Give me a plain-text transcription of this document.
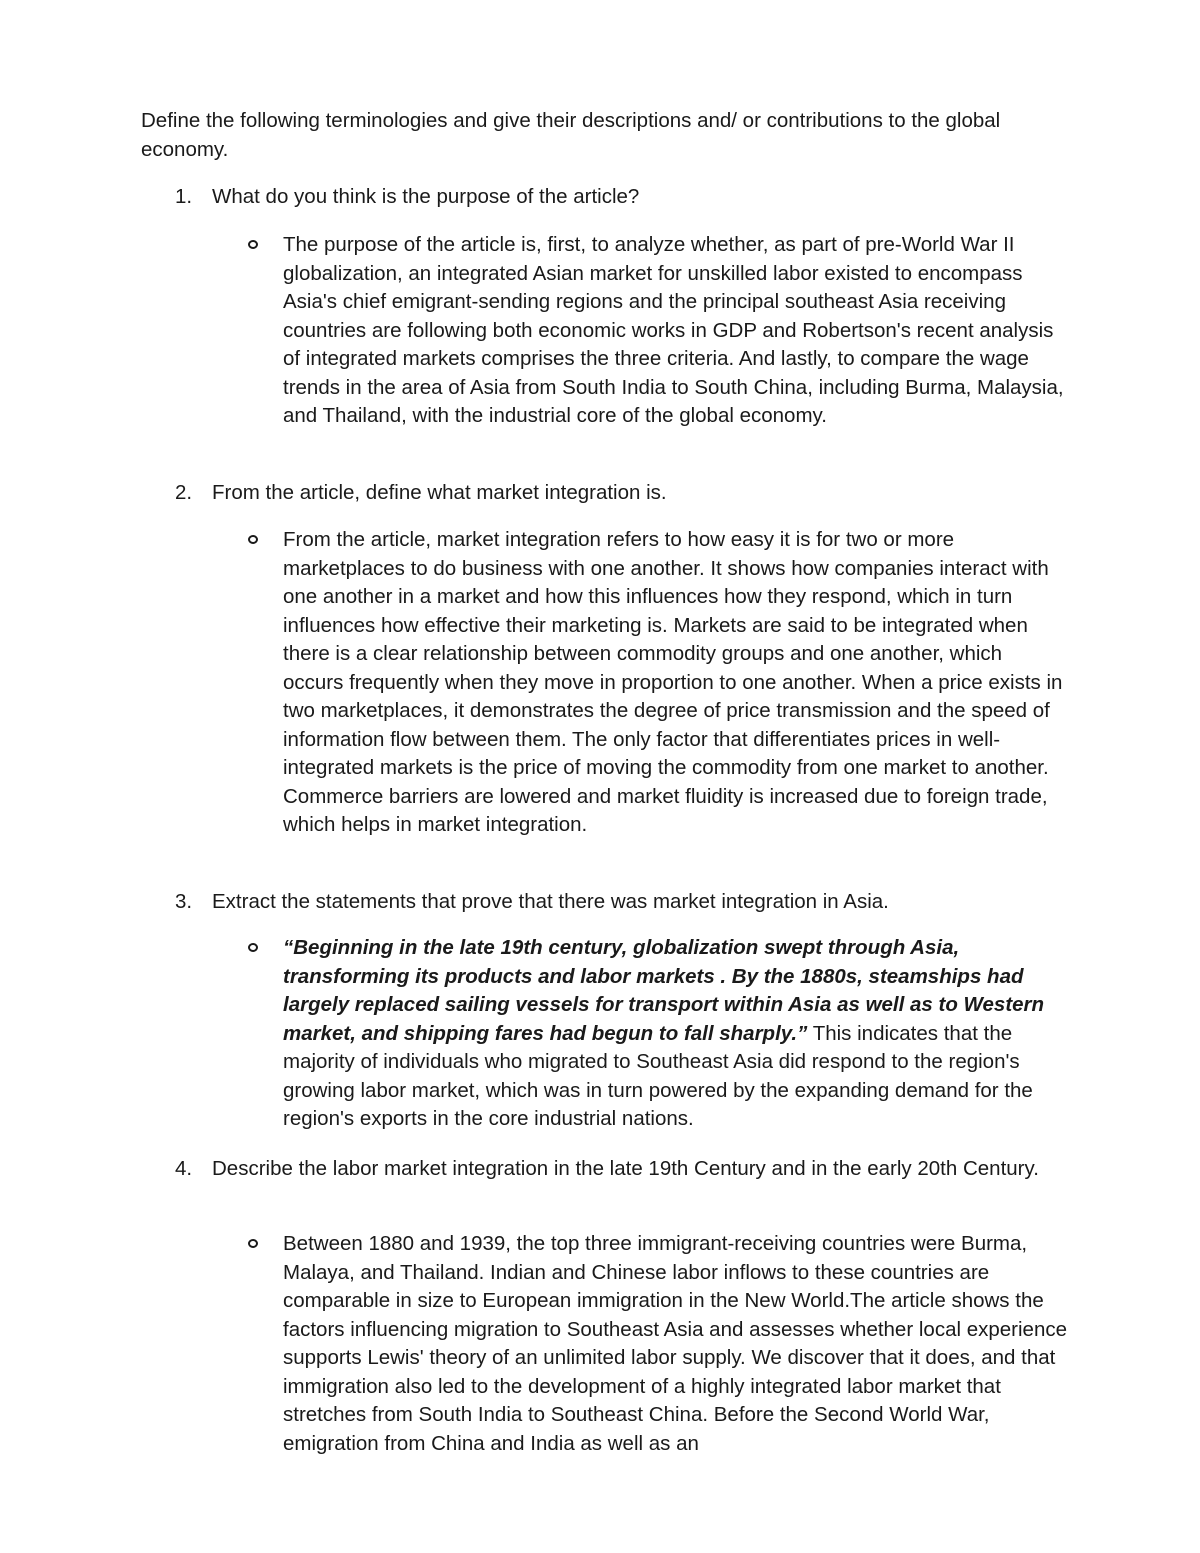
Define the following terminologies and give their descriptions and/ or contributions to the global economy.

1. What do you think is the purpose of the article?
The purpose of the article is, first, to analyze whether, as part of pre-World War II globalization, an integrated Asian market for unskilled labor existed to encompass Asia's chief emigrant-sending regions and the principal southeast Asia receiving countries are following both economic works in GDP and Robertson's recent analysis of integrated markets comprises the three criteria. And lastly, to compare the wage trends in the area of Asia from South India to South China, including Burma, Malaysia, and Thailand, with the industrial core of the global economy.
2. From the article, define what market integration is.
From the article, market integration refers to how easy it is for two or more marketplaces to do business with one another. It shows how companies interact with one another in a market and how this influences how they respond, which in turn influences how effective their marketing is. Markets are said to be integrated when there is a clear relationship between commodity groups and one another, which occurs frequently when they move in proportion to one another. When a price exists in two marketplaces, it demonstrates the degree of price transmission and the speed of information flow between them. The only factor that differentiates prices in well-integrated markets is the price of moving the commodity from one market to another. Commerce barriers are lowered and market fluidity is increased due to foreign trade, which helps in market integration.
3. Extract the statements that prove that there was market integration in Asia.
“Beginning in the late 19th century, globalization swept through Asia, transforming its products and labor markets . By the 1880s, steamships had largely replaced sailing vessels for transport within Asia as well as to Western market, and shipping fares had begun to fall sharply.” This indicates that the majority of individuals who migrated to Southeast Asia did respond to the region's growing labor market, which was in turn powered by the expanding demand for the region's exports in the core industrial nations.
4. Describe the labor market integration in the late 19th Century and in the early 20th Century.
Between 1880 and 1939, the top three immigrant-receiving countries were Burma, Malaya, and Thailand. Indian and Chinese labor inflows to these countries are comparable in size to European immigration in the New World.The article shows the factors influencing migration to Southeast Asia and assesses whether local experience supports Lewis' theory of an unlimited labor supply. We discover that it does, and that immigration also led to the development of a highly integrated labor market that stretches from South India to Southeast China. Before the Second World War, emigration from China and India as well as an
